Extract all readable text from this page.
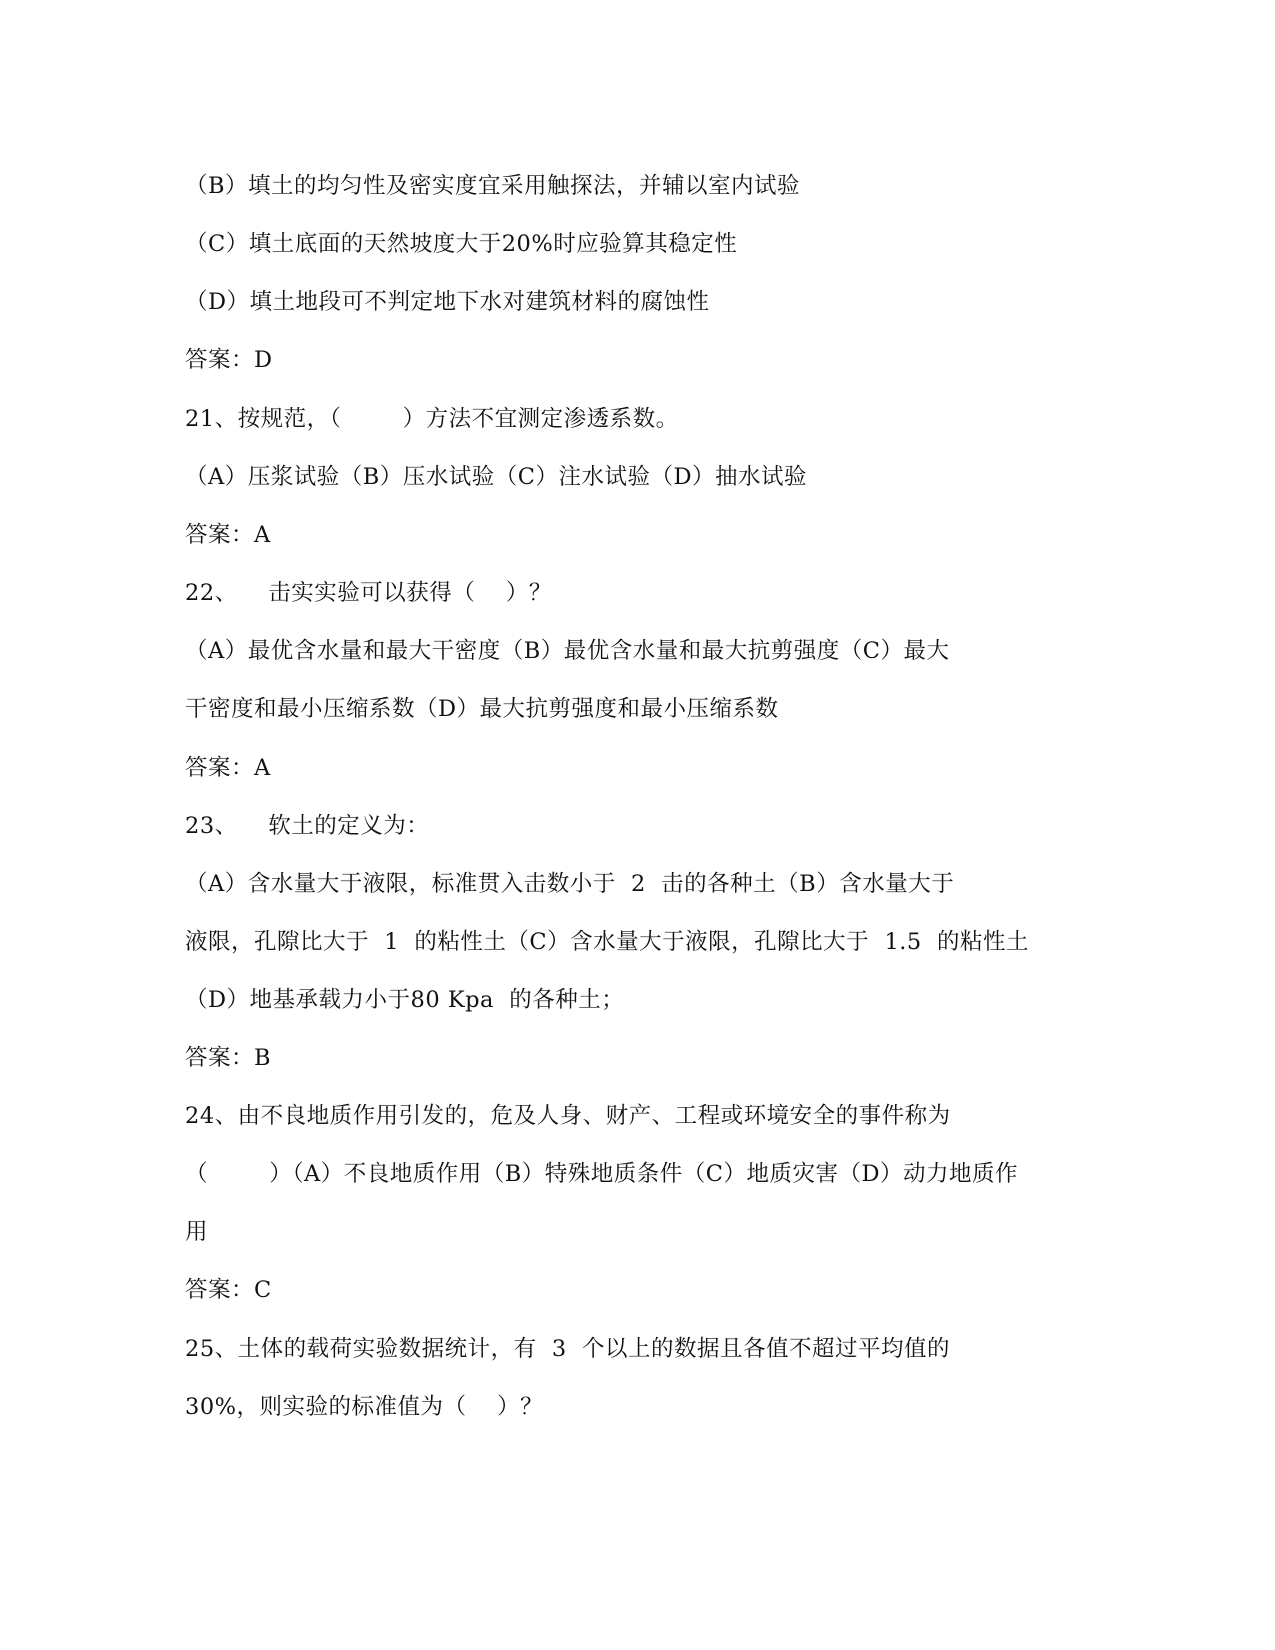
（B）填土的均匀性及密实度宜采用触探法，并辅以室内试验
（C）填土底面的天然坡度大于20%时应验算其稳定性
（D）填土地段可不判定地下水对建筑材料的腐蚀性
答案：D
21、按规范，（        ）方法不宜测定渗透系数。
（A）压浆试验（B）压水试验（C）注水试验（D）抽水试验
答案：A
22、    击实实验可以获得（    ）？
（A）最优含水量和最大干密度（B）最优含水量和最大抗剪强度（C）最大
干密度和最小压缩系数（D）最大抗剪强度和最小压缩系数
答案：A
23、    软土的定义为：
（A）含水量大于液限，标准贯入击数小于  2  击的各种土（B）含水量大于
液限，孔隙比大于  1  的粘性土（C）含水量大于液限，孔隙比大于  1.5  的粘性土
（D）地基承载力小于80 Kpa  的各种土；
答案：B
24、由不良地质作用引发的，危及人身、财产、工程或环境安全的事件称为
（        ）（A）不良地质作用（B）特殊地质条件（C）地质灾害（D）动力地质作
用
答案：C
25、土体的载荷实验数据统计，有  3  个以上的数据且各值不超过平均值的
30%，则实验的标准值为（    ）？
